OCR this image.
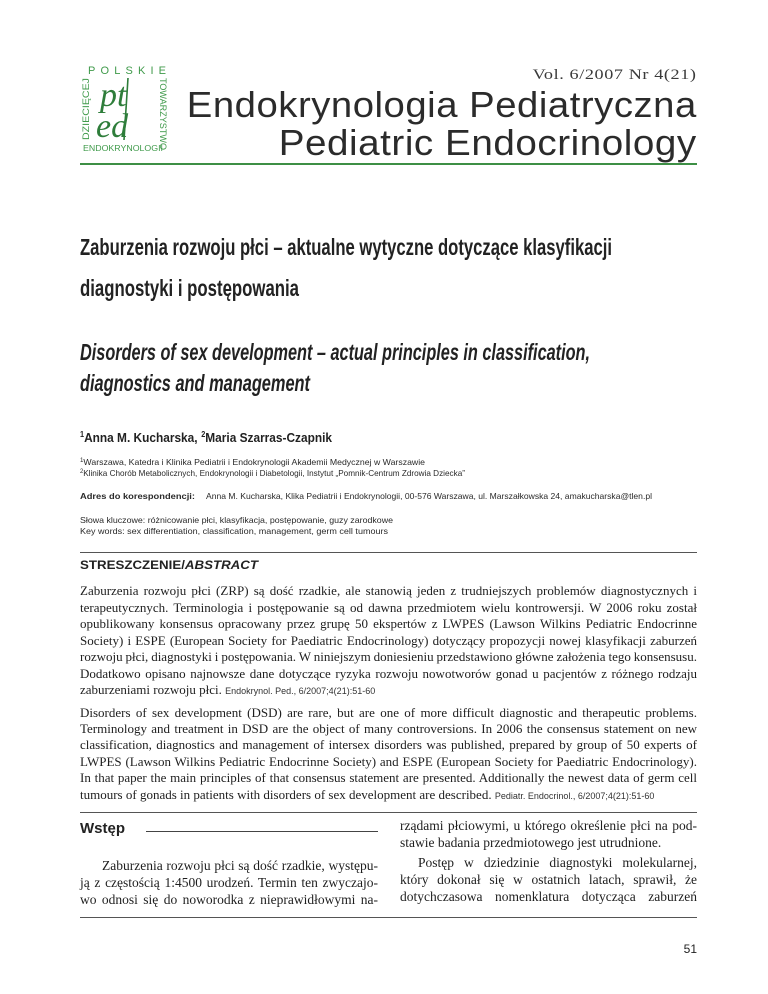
POLSKIE
TOWARZYSTWO
DZIECIĘCEJ pt
ed
ENDOKRYNOLOGII
Vol. 6/2007 Nr 4(21)
Endokrynologia Pediatryczna
Pediatric Endocrinology
Zaburzenia rozwoju płci – aktualne wytyczne dotyczące klasyfikacji
diagnostyki i postępowania
Disorders of sex development – actual principles in classification,
diagnostics and management
$^1$Anna M. Kucharska, $^2$Maria Szarras-Czapnik
$^1$Warszawa, Katedra i Klinika Pediatrii i Endokrynologii Akademii Medycznej w Warszawie
$^2$Klinika Chorób Metabolicznych, Endokrynologii i Diabetologii, Instytut „Pomnik-Centrum Zdrowia Dziecka”
Adres do korespondencji: Anna M. Kucharska, Klika Pediatrii i Endokrynologii, 00-576 Warszawa, ul. Marszałkowska 24, amakucharska@tlen.pl
Słowa kluczowe: różnicowanie płci, klasyfikacja, postępowanie, guzy zarodkowe
Key words: sex differentiation, classification, management, germ cell tumours
STRESZCZENIE/ABSTRACT
Zaburzenia rozwoju płci (ZRP) są dość rzadkie, ale stanowią jeden z trudniejszych problemów diagnostycznych i
terapeutycznych. Terminologia i postępowanie są od dawna przedmiotem wielu kontrowersji. W 2006 roku został
opublikowany konsensus opracowany przez grupę 50 ekspertów z LWPES (Lawson Wilkins Pediatric Endocrinne
Society) i ESPE (European Society for Paediatric Endocrinology) dotyczący propozycji nowej klasyfikacji zaburzeń
rozwoju płci, diagnostyki i postępowania. W niniejszym doniesieniu przedstawiono główne założenia tego konsensusu.
Dodatkowo opisano najnowsze dane dotyczące ryzyka rozwoju nowotworów gonad u pacjentów z różnego rodzaju
zaburzeniami rozwoju płci. Endokrynol. Ped., 6/2007;4(21):51-60
Disorders of sex development (DSD) are rare, but are one of more difficult diagnostic and therapeutic problems.
Terminology and treatment in DSD are the object of many controversions. In 2006 the consensus statement on new
classification, diagnostics and management of intersex disorders was published, prepared by group of 50 experts of
LWPES (Lawson Wilkins Pediatric Endocrinne Society) and ESPE (European Society for Paediatric Endocrinology).
In that paper the main principles of that consensus statement are presented. Additionally the newest data of germ cell
tumours of gonads in patients with disorders of sex development are described. Pediatr. Endocrinol., 6/2007;4(21):51-60
Wstęp
Zaburzenia rozwoju płci są dość rzadkie, występu-
ją z częstością 1:4500 urodzeń. Termin ten zwyczajo-
wo odnosi się do noworodka z nieprawidłowymi na-
rządami płciowymi, u którego określenie płci na pod-
stawie badania przedmiotowego jest utrudnione.
Postęp w dziedzinie diagnostyki molekularnej,
który dokonał się w ostatnich latach, sprawił, że
dotychczasowa nomenklatura dotycząca zaburzeń
51
